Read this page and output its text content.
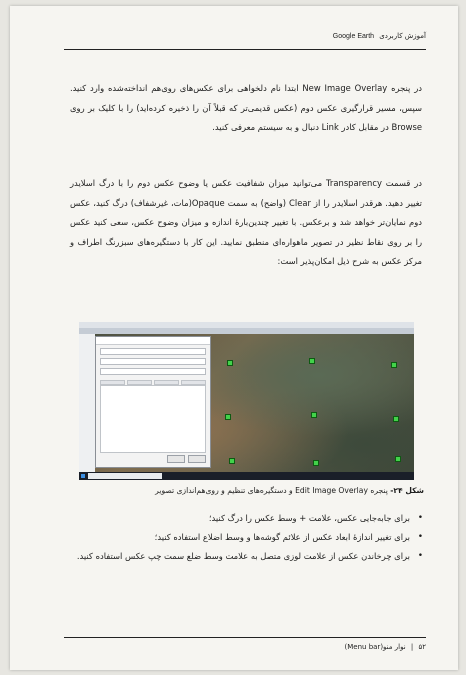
آموزش کاربردی Google Earth

در پنجره New Image Overlay ابتدا نام دلخواهی برای عکس‌های روی‌هم انداخته‌شده وارد کنید. سپس، مسیر قرارگیری عکس دوم (عکس قدیمی‌تر که قبلاً آن را ذخیره کرده‌اید) را با کلیک بر روی Browse در مقابل کادر Link دنبال و به سیستم معرفی کنید.

در قسمت Transparency می‌توانید میزان شفافیت عکس یا وضوح عکس دوم را با درگ اسلایدر تغییر دهید. هرقدر اسلایدر را از Clear (واضح) به سمت Opaque(مات، غیرشفاف) درگ کنید، عکس دوم نمایان‌تر خواهد شد و برعکس. با تغییر چندین‌بارهٔ اندازه و میزان وضوح عکس، سعی کنید عکس را بر روی نقاط نظیر در تصویر ماهواره‌ای منطبق نمایید. این کار با دستگیره‌های سبزرنگ اطراف و مرکز عکس به شرح ذیل امکان‌پذیر است:

شکل ۲۴- پنجره Edit Image Overlay و دستگیره‌های تنظیم و روی‌هم‌اندازی تصویر
• برای جابه‌جایی عکس، علامت + وسط عکس را درگ کنید؛
• برای تغییر اندازهٔ ابعاد عکس از علائم گوشه‌ها و وسط اضلاع استفاده کنید؛
• برای چرخاندن عکس از علامت لوزی متصل به علامت وسط ضلع سمت چپ عکس استفاده کنید.
۵۲ | نوار منو(Menu bar)
